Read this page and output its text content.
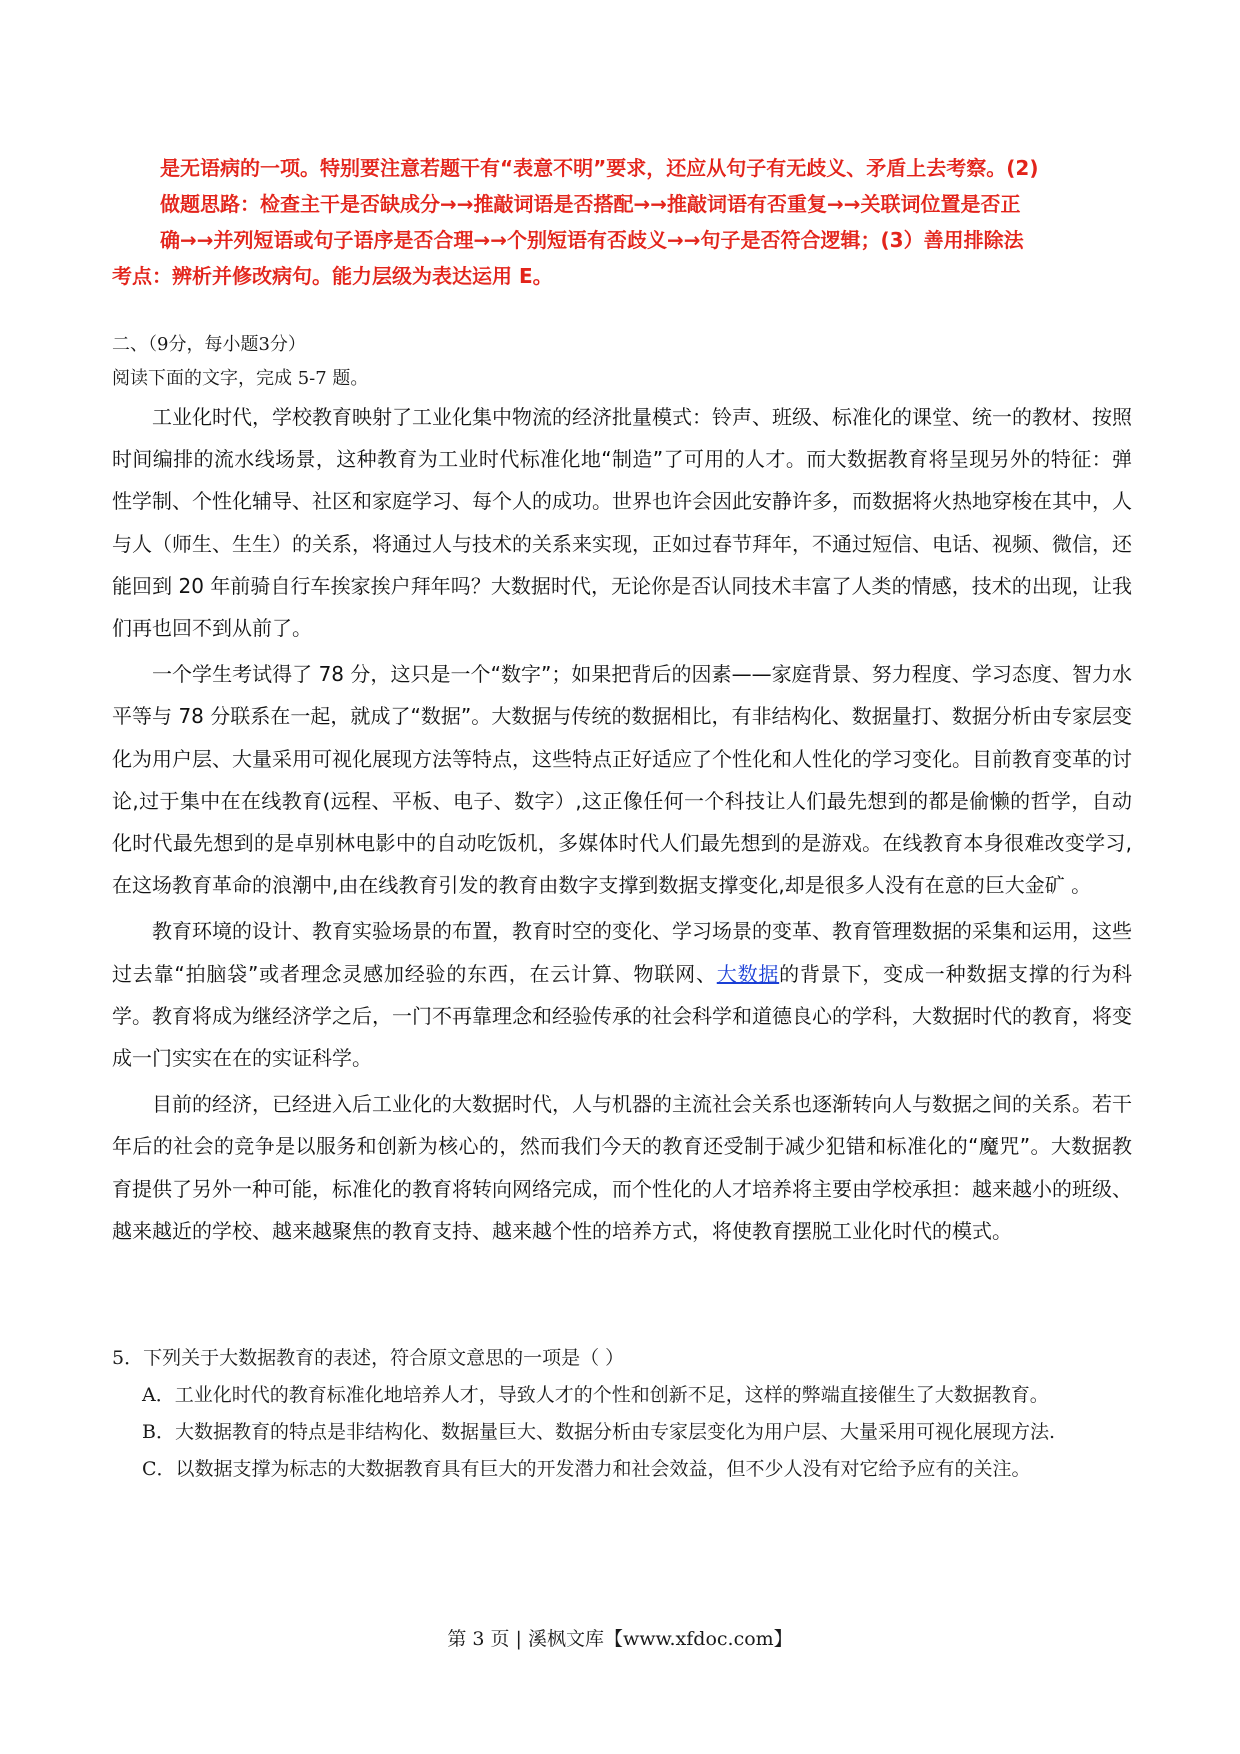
是无语病的一项。特别要注意若题干有“表意不明”要求，还应从句子有无歧义、矛盾上去考察。(2)

做题思路：检查主干是否缺成分→→推敲词语是否搭配→→推敲词语有否重复→→关联词位置是否正

确→→并列短语或句子语序是否合理→→个别短语有否歧义→→句子是否符合逻辑；(3）善用排除法

考点：辨析并修改病句。能力层级为表达运用 E。

二、（9分，每小题3分）
阅读下面的文字，完成 5-7 题。

工业化时代，学校教育映射了工业化集中物流的经济批量模式：铃声、班级、标准化的课堂、统一的教材、按照时间编排的流水线场景，这种教育为工业时代标准化地“制造”了可用的人才。而大数据教育将呈现另外的特征：弹性学制、个性化辅导、社区和家庭学习、每个人的成功。世界也许会因此安静许多，而数据将火热地穿梭在其中，人与人（师生、生生）的关系，将通过人与技术的关系来实现，正如过春节拜年，不通过短信、电话、视频、微信，还能回到 20 年前骑自行车挨家挨户拜年吗？大数据时代，无论你是否认同技术丰富了人类的情感，技术的出现，让我们再也回不到从前了。

一个学生考试得了 78 分，这只是一个“数字”；如果把背后的因素——家庭背景、努力程度、学习态度、智力水平等与 78 分联系在一起，就成了“数据”。大数据与传统的数据相比，有非结构化、数据量打、数据分析由专家层变化为用户层、大量采用可视化展现方法等特点，这些特点正好适应了个性化和人性化的学习变化。目前教育变革的讨论,过于集中在在线教育(远程、平板、电子、数字）,这正像任何一个科技让人们最先想到的都是偷懒的哲学，自动化时代最先想到的是卓别林电影中的自动吃饭机，多媒体时代人们最先想到的是游戏。在线教育本身很难改变学习,在这场教育革命的浪潮中,由在线教育引发的教育由数字支撑到数据支撑变化,却是很多人没有在意的巨大金矿 。

教育环境的设计、教育实验场景的布置，教育时空的变化、学习场景的变革、教育管理数据的采集和运用，这些过去靠“拍脑袋”或者理念灵感加经验的东西，在云计算、物联网、大数据的背景下，变成一种数据支撑的行为科学。教育将成为继经济学之后，一门不再靠理念和经验传承的社会科学和道德良心的学科，大数据时代的教育，将变成一门实实在在的实证科学。

目前的经济，已经进入后工业化的大数据时代，人与机器的主流社会关系也逐渐转向人与数据之间的关系。若干年后的社会的竞争是以服务和创新为核心的，然而我们今天的教育还受制于减少犯错和标准化的“魔咒”。大数据教育提供了另外一种可能，标准化的教育将转向网络完成，而个性化的人才培养将主要由学校承担：越来越小的班级、越来越近的学校、越来越聚焦的教育支持、越来越个性的培养方式，将使教育摆脱工业化时代的模式。

5．下列关于大数据教育的表述，符合原文意思的一项是（ ）

A．工业化时代的教育标准化地培养人才，导致人才的个性和创新不足，这样的弊端直接催生了大数据教育。

B．大数据教育的特点是非结构化、数据量巨大、数据分析由专家层变化为用户层、大量采用可视化展现方法.

C．以数据支撑为标志的大数据教育具有巨大的开发潜力和社会效益，但不少人没有对它给予应有的关注。

第 3 页 | 溪枫文库【www.xfdoc.com】
